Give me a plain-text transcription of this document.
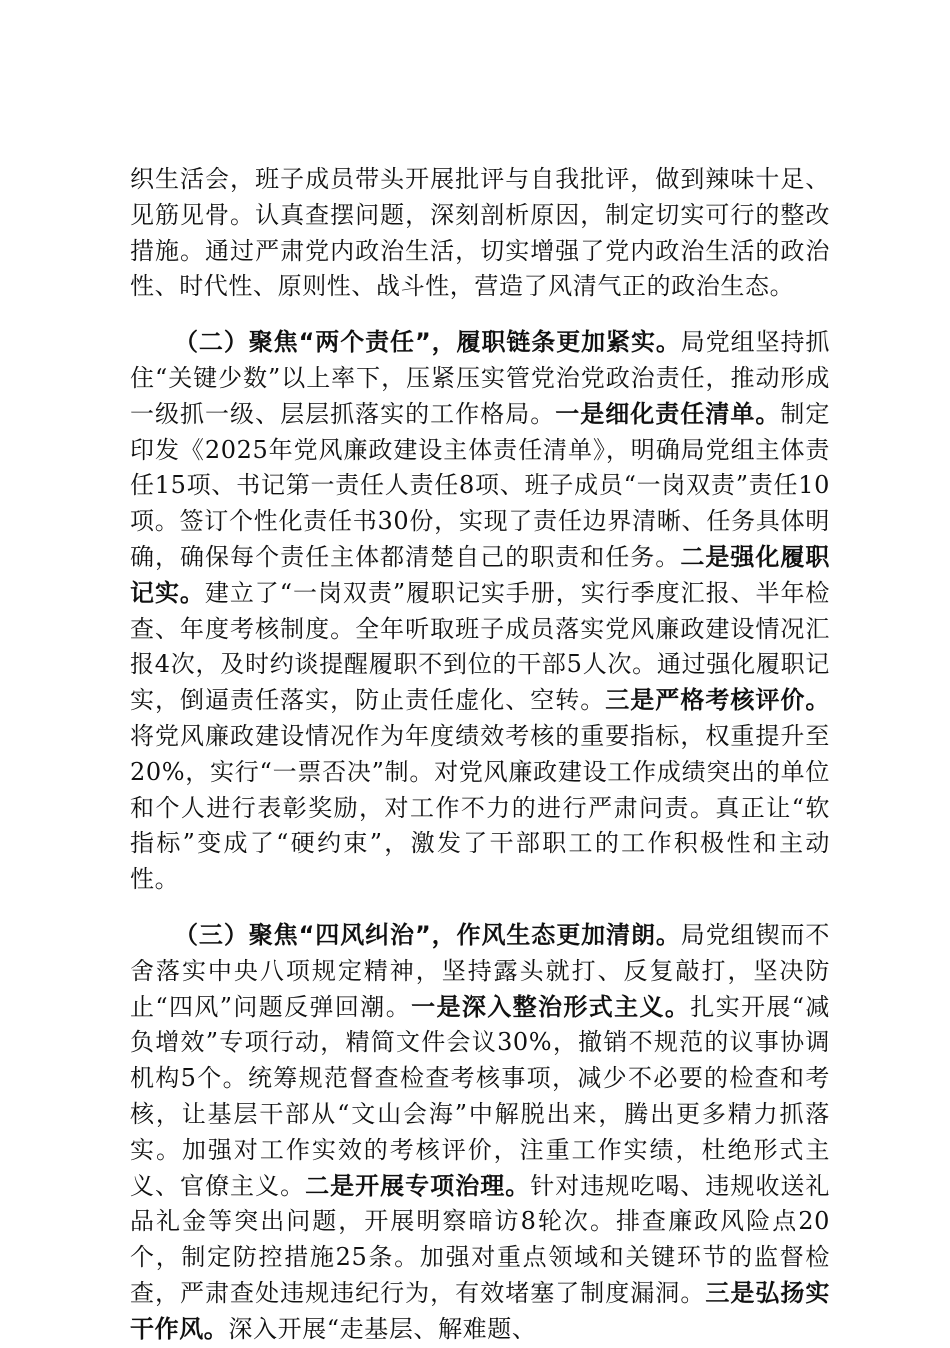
织生活会，班子成员带头开展批评与自我批评，做到辣味十足、见筋见骨。认真查摆问题，深刻剖析原因，制定切实可行的整改措施。通过严肃党内政治生活，切实增强了党内政治生活的政治性、时代性、原则性、战斗性，营造了风清气正的政治生态。

（二）聚焦“两个责任”，履职链条更加紧实。局党组坚持抓住“关键少数”以上率下，压紧压实管党治党政治责任，推动形成一级抓一级、层层抓落实的工作格局。一是细化责任清单。制定印发《2025年党风廉政建设主体责任清单》，明确局党组主体责任15项、书记第一责任人责任8项、班子成员“一岗双责”责任10项。签订个性化责任书30份，实现了责任边界清晰、任务具体明确，确保每个责任主体都清楚自己的职责和任务。二是强化履职记实。建立了“一岗双责”履职记实手册，实行季度汇报、半年检查、年度考核制度。全年听取班子成员落实党风廉政建设情况汇报4次，及时约谈提醒履职不到位的干部5人次。通过强化履职记实，倒逼责任落实，防止责任虚化、空转。三是严格考核评价。将党风廉政建设情况作为年度绩效考核的重要指标，权重提升至20%，实行“一票否决”制。对党风廉政建设工作成绩突出的单位和个人进行表彰奖励，对工作不力的进行严肃问责。真正让“软指标”变成了“硬约束”，激发了干部职工的工作积极性和主动性。

（三）聚焦“四风纠治”，作风生态更加清朗。局党组锲而不舍落实中央八项规定精神，坚持露头就打、反复敲打，坚决防止“四风”问题反弹回潮。一是深入整治形式主义。扎实开展“减负增效”专项行动，精简文件会议30%，撤销不规范的议事协调机构5个。统筹规范督查检查考核事项，减少不必要的检查和考核，让基层干部从“文山会海”中解脱出来，腾出更多精力抓落实。加强对工作实效的考核评价，注重工作实绩，杜绝形式主义、官僚主义。二是开展专项治理。针对违规吃喝、违规收送礼品礼金等突出问题，开展明察暗访8轮次。排查廉政风险点20个，制定防控措施25条。加强对重点领域和关键环节的监督检查，严肃查处违规违纪行为，有效堵塞了制度漏洞。三是弘扬实干作风。深入开展“走基层、解难题、
